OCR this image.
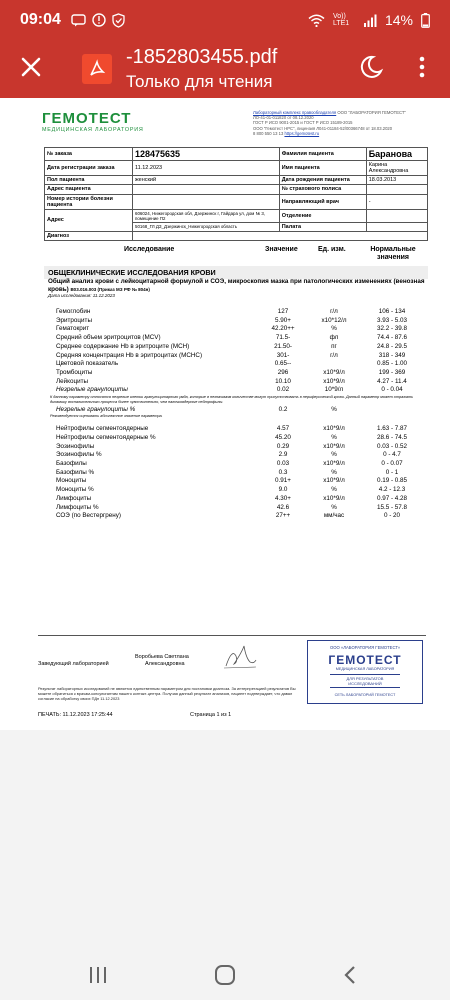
09:04	Vo)) LTE1	14%
-1852803455.pdf
Только для чтения
ГЕМОТЕСТ
МЕДИЦИНСКАЯ ЛАБОРАТОРИЯ
Лабораторный комплекс правообладателя ООО "ЛАБОРАТОРИЯ ГЕМОТЕСТ"
ЛО-41-01-011820 от 08.12.2020
ГОСТ Р ИСО 9001-2015 и ГОСТ Р ИСО 15189-2015
ООО "Гемотест НРС", лицензия Л041-01184-52/00366748 от 18.03.2020
8 800 550 13 13 https://gemotest.ru
№ заказа	128475635	Фамилия пациента	Баранова
Дата регистрации заказа	11.12.2023	Имя пациента	Карина Александровна
Пол пациента	женский	Дата рождения пациента	18.03.2013
Адрес пациента		№ страхового полиса	
Номер истории болезни пациента		Направляющий врач	-
Адрес	606024, Нижегородская обл, Дзержинск г, Гайдара ул, дом № 3, помещение П2	Отделение	
	50168_ГЛ ДЗ_Дзержинск_Нижегородская область	Палата	
Диагноз			
Исследование	Значение	Ед. изм.	Нормальные значения
ОБЩЕКЛИНИЧЕСКИЕ ИССЛЕДОВАНИЯ КРОВИ
Общий анализ крови с лейкоцитарной формулой и СОЭ, микроскопия мазка при патологических изменениях (венозная кровь) B03.016.003 (Приказ МЗ РФ № 804н)
Дата исследования: 11.12.2023
Гемоглобин	127	г/л	106 - 134
Эритроциты	5.90+	х10*12/л	3.93 - 5.03
Гематокрит	42.20++	%	32.2 - 39.8
Средний объем эритроцитов (MCV)	71.5-	фл	74.4 - 87.6
Среднее содержание Hb в эритроците (MCH)	21.50-	пг	24.8 - 29.5
Средняя концентрация Hb в эритроцитах (MCHC)	301-	г/л	318 - 349
Цветовой показатель	0.65--	0.85 - 1.00
Тромбоциты	296	х10*9/л	199 - 369
Лейкоциты	10.10	х10*9/л	4.27 - 11.4
Незрелые гранулоциты	0.02	10*9/л	0 - 0.04
К данному параметру относятся незрелые клетки гранулоцитарного ряда, которые в незначимом количестве могут присутствовать в периферической крови. Данный параметр может отражать динамику воспалительного процесса более чувствительно, чем палочкоядерные нейтрофилы.
Незрелые гранулоциты %	0.2	%
Рекомендуется оценивать абсолютное значение параметра.
Нейтрофилы сегментоядерные	4.57	х10*9/л	1.63 - 7.87
Нейтрофилы сегментоядерные %	45.20	%	28.6 - 74.5
Эозинофилы	0.29	х10*9/л	0.03 - 0.52
Эозинофилы %	2.9	%	0 - 4.7
Базофилы	0.03	х10*9/л	0 - 0.07
Базофилы %	0.3	%	0 - 1
Моноциты	0.91+	х10*9/л	0.19 - 0.85
Моноциты %	9.0	%	4.2 - 12.3
Лимфоциты	4.30+	х10*9/л	0.97 - 4.28
Лимфоциты %	42.6	%	15.5 - 57.8
СОЭ (по Вестергрену)	27++	мм/час	0 - 20
Заведующий лабораторией
Воробьева Светлана
Александровна
ООО «ЛАБОРАТОРИЯ ГЕМОТЕСТ»
ГЕМОТЕСТ
МЕДИЦИНСКАЯ ЛАБОРАТОРИЯ
ДЛЯ РЕЗУЛЬТАТОВ ИССЛЕДОВАНИЙ
СЕТЬ ЛАБОРАТОРИЙ ГЕМОТЕСТ
Результат лабораторных исследований не является единственным параметром для постановки диагноза. За интерпретацией результатов Вы можете обратиться к врачам-консультантам нашего контакт-центра. Получая данный результат анализов, пациент подтверждает, что давал согласие на обработку своих ПДн 11.12.2023
ПЕЧАТЬ: 11.12.2023 17:25:44	Страница 1 из 1
